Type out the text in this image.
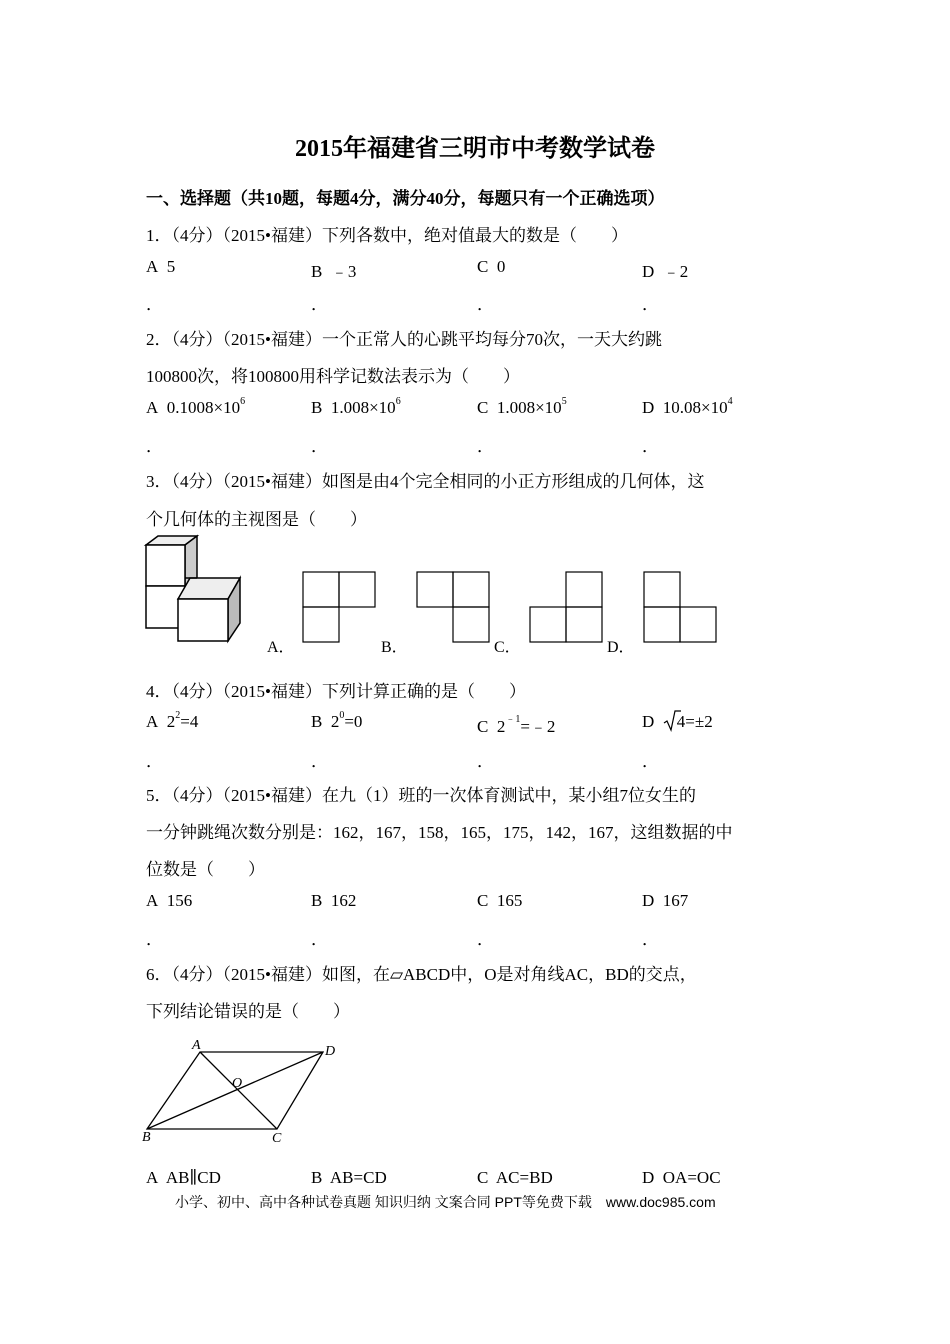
2015年福建省三明市中考数学试卷
一、选择题（共10题，每题4分，满分40分，每题只有一个正确选项）
1．（4分）（2015•福建）下列各数中，绝对值最大的数是（　　）
A 5	B ﹣3	C 0	D ﹣2
．	．	．	．
2．（4分）（2015•福建）一个正常人的心跳平均每分70次，一天大约跳
100800次，将100800用科学记数法表示为（　　）
A $0.1008\times 10^6$	B $1.008\times 10^6$	C $1.008\times 10^5$	D $10.08\times 10^4$
．	．	．	．
3．（4分）（2015•福建）如图是由4个完全相同的小正方形组成的几何体，这
个几何体的主视图是（　　）
A．	B．	C．	D．
4．（4分）（2015•福建）下列计算正确的是（　　）
A $2^2=4$	B $2^0=0$	C $2^{﹣1}=﹣2$	D 4=±2
．	．	．	．
5．（4分）（2015•福建）在九（1）班的一次体育测试中，某小组7位女生的
一分钟跳绳次数分别是：162，167，158，165，175，142，167，这组数据的中
位数是（　　）
A 156	B 162	C 165	D 167
．	．	．	．
6．（4分）（2015•福建）如图，在▱ABCD中，O是对角线AC，BD的交点，
下列结论错误的是（　　）
A	D
O
B	C
A AB∥CD	B AB=CD	C AC=BD	D OA=OC
小学、初中、高中各种试卷真题 知识归纳 文案合同 PPT等免费下载　www.doc985.com
